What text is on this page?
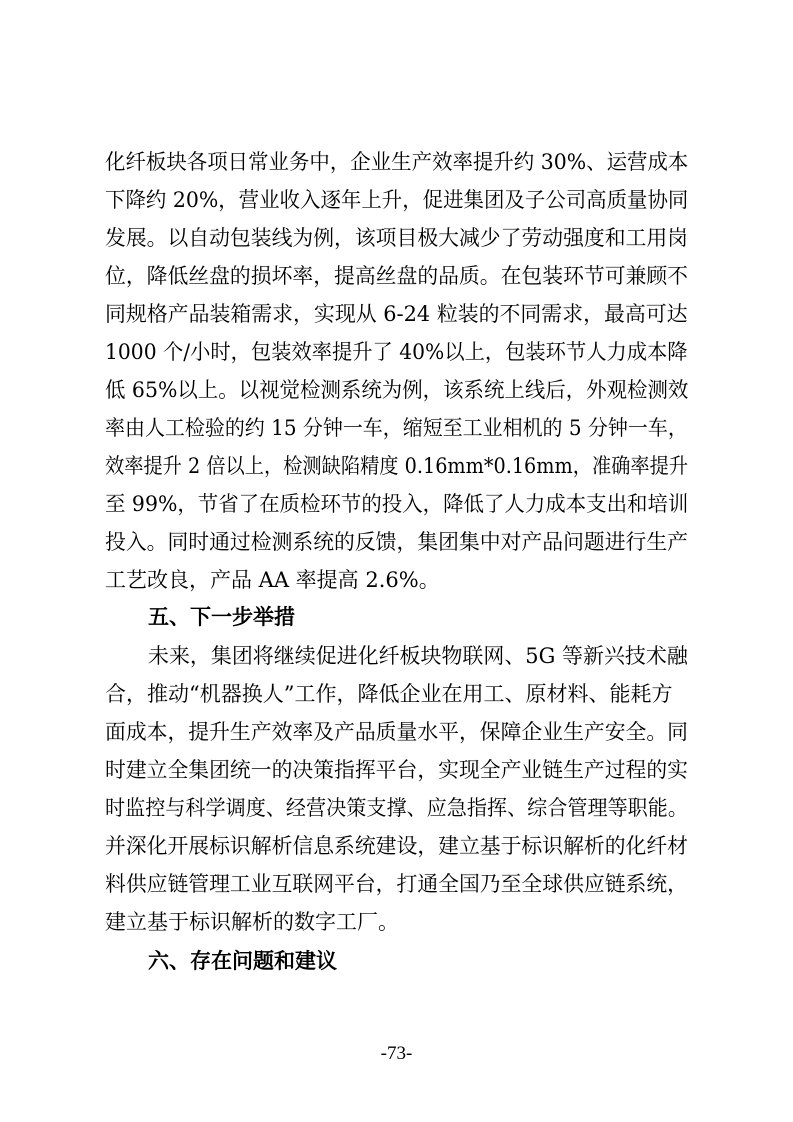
化纤板块各项日常业务中，企业生产效率提升约 30%、运营成本
下降约 20%，营业收入逐年上升，促进集团及子公司高质量协同
发展。以自动包装线为例，该项目极大减少了劳动强度和工用岗
位，降低丝盘的损坏率，提高丝盘的品质。在包装环节可兼顾不
同规格产品装箱需求，实现从 6-24 粒装的不同需求，最高可达
1000 个/小时，包装效率提升了 40%以上，包装环节人力成本降
低 65%以上。以视觉检测系统为例，该系统上线后，外观检测效
率由人工检验的约 15 分钟一车，缩短至工业相机的 5 分钟一车，
效率提升 2 倍以上，检测缺陷精度 0.16mm*0.16mm，准确率提升
至 99%，节省了在质检环节的投入，降低了人力成本支出和培训
投入。同时通过检测系统的反馈，集团集中对产品问题进行生产
工艺改良，产品 AA 率提高 2.6%。
五、下一步举措
未来，集团将继续促进化纤板块物联网、5G 等新兴技术融
合，推动“机器换人”工作，降低企业在用工、原材料、能耗方
面成本，提升生产效率及产品质量水平，保障企业生产安全。同
时建立全集团统一的决策指挥平台，实现全产业链生产过程的实
时监控与科学调度、经营决策支撑、应急指挥、综合管理等职能。
并深化开展标识解析信息系统建设，建立基于标识解析的化纤材
料供应链管理工业互联网平台，打通全国乃至全球供应链系统，
建立基于标识解析的数字工厂。
六、存在问题和建议
-73-
